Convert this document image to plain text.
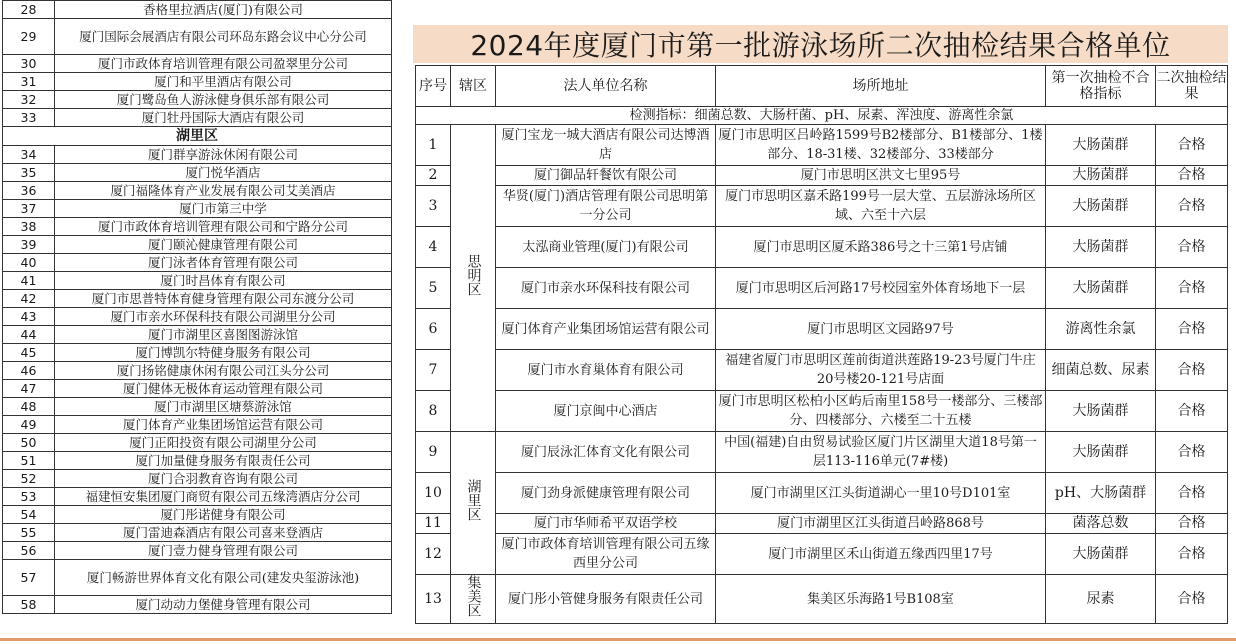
28	香格里拉酒店(厦门)有限公司
29	厦门国际会展酒店有限公司环岛东路会议中心分公司
30	厦门市政体育培训管理有限公司盈翠里分公司
31	厦门和平里酒店有限公司
32	厦门鹭岛鱼人游泳健身俱乐部有限公司
33	厦门牡丹国际大酒店有限公司
湖里区	
34	厦门群享游泳休闲有限公司
35	厦门悦华酒店
36	厦门福隆体育产业发展有限公司艾美酒店
37	厦门市第三中学
38	厦门市政体育培训管理有限公司和宁路分公司
39	厦门颐沁健康管理有限公司
40	厦门泳者体育管理有限公司
41	厦门时昌体育有限公司
42	厦门市思普特体育健身管理有限公司东渡分公司
43	厦门市亲水环保科技有限公司湖里分公司
44	厦门市湖里区喜图图游泳馆
45	厦门博凯尔特健身服务有限公司
46	厦门扬铭健康休闲有限公司江头分公司
47	厦门健体无极体育运动管理有限公司
48	厦门市湖里区塘蔡游泳馆
49	厦门体育产业集团场馆运营有限公司
50	厦门正阳投资有限公司湖里分公司
51	厦门加量健身服务有限责任公司
52	厦门合羽教育咨询有限公司
53	福建恒安集团厦门商贸有限公司五缘湾酒店分公司
54	厦门彤诺健身有限公司
55	厦门雷迪森酒店有限公司喜来登酒店
56	厦门壹力健身管理有限公司
57	厦门畅游世界体育文化有限公司(建发央玺游泳池)
58	厦门动动力堡健身管理有限公司
2024年度厦门市第一批游泳场所二次抽检结果合格单位
序号	辖区	法人单位名称	场所地址	第一次抽检不合格指标	二次抽检结果
检测指标：细菌总数、大肠杆菌、pH、尿素、浑浊度、游离性余氯					
1	思明区	厦门宝龙一城大酒店有限公司达博酒店	厦门市思明区吕岭路1599号B2楼部分、B1楼部分、1楼部分、18-31楼、32楼部分、33楼部分	大肠菌群	合格
2		厦门御品轩餐饮有限公司	厦门市思明区洪文七里95号	大肠菌群	合格
3		华贤(厦门)酒店管理有限公司思明第一分公司	厦门市思明区嘉禾路199号一层大堂、五层游泳场所区域、六至十六层	大肠菌群	合格
4		太泓商业管理(厦门)有限公司	厦门市思明区厦禾路386号之十三第1号店铺	大肠菌群	合格
5		厦门市亲水环保科技有限公司	厦门市思明区后河路17号校园室外体育场地下一层	大肠菌群	合格
6		厦门体育产业集团场馆运营有限公司	厦门市思明区文园路97号	游离性余氯	合格
7		厦门市水育巢体育有限公司	福建省厦门市思明区莲前街道洪莲路19-23号厦门牛庄20号楼20-121号店面	细菌总数、尿素	合格
8		厦门京闽中心酒店	厦门市思明区松柏小区屿后南里158号一楼部分、三楼部分、四楼部分、六楼至二十五楼	大肠菌群	合格
9	湖里区	厦门辰泳汇体育文化有限公司	中国(福建)自由贸易试验区厦门片区湖里大道18号第一层113-116单元(7#楼)	大肠菌群	合格
10		厦门劲身派健康管理有限公司	厦门市湖里区江头街道湖心一里10号D101室	pH、大肠菌群	合格
11		厦门市华师希平双语学校	厦门市湖里区江头街道吕岭路868号	菌落总数	合格
12		厦门市政体育培训管理有限公司五缘西里分公司	厦门市湖里区禾山街道五缘西四里17号	大肠菌群	合格
13	集美区	厦门彤小管健身服务有限责任公司	集美区乐海路1号B108室	尿素	合格
